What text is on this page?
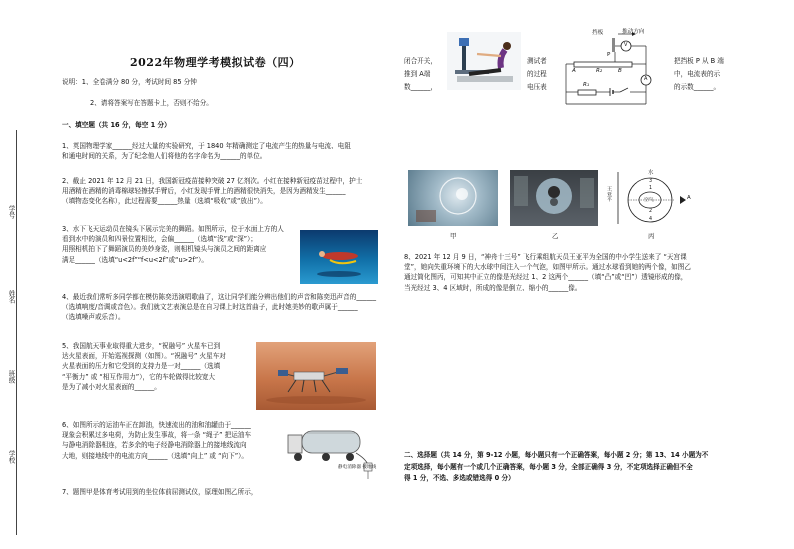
学号
姓名
班级
学校
2022年物理学考模拟试卷（四）
说明：1、全卷满分 80 分，考试时间 85 分钟
2、请将答案写在答题卡上，否则不给分。
一、填空题（共 16 分，每空 1 分）
1、英国物理学家______经过大量的实验研究，于 1840 年精确测定了电流产生的热量与电流、电阻
和通电时间的关系，为了纪念他人们将他的名字命名为______的单位。
2、截止 2021 年 12 月 21 日，我国新冠疫苗接种突破 27 亿剂次。小红在接种新冠疫苗过程中，护士
用酒精在酒精的消毒棉球轻擦拭手臂后，小红发现手臂上的酒精很快消失，是因为酒精发生______
（填物态变化名称），此过程需要______热量（选填“吸收”或“放出”）。
3、水下飞天运动员在镜头下展示完美的舞蹈。如图所示，位于水面上方的人
看到水中的演员和四景位置相比，会偏______（选填“浅”或“深”）；
用照相机拍下了舞蹈演员的美妙身姿，则相机镜头与演员之间的距离应
满足______（选填“u<2f”“f<u<2f”或“u>2f”）。
4、最近我们常听多同学都在模仿陈奕迅演唱歌曲了，这让同学们能分辨出他们的声音和陈奕迅声音的______
（选填响度/音调或音色）。我们就文艺表演总是在自习课上时这首曲子，此时她美妙的歌声属于______
（选填噪声或乐音）。
5、我国航天事业取得重大进步，“祝融号” 火星车已到
达火星表面，开始巡视探测（如图）。“祝融号” 火星车对
火星表面的压力和它受到的支持力是一对______（选填
“平衡力” 或 “相互作用力”），它的车轮做得比较宽大
是为了减小对火星表面的______。
6、如图所示的运油车正在卸油，快速流出的油和油罐由于______
现象会积累过多电荷，为防止发生事故，将一条 “绳子” 把运油车
与静电消除器相连，若多余的电子经静电消除器上的接地线流向
大地，则接地线中的电流方向______（选填“向上” 或 “向下”）。
静电消除器 接地线
7、题图甲是体育考试用到的坐位体前屈测试仪，原理如图乙所示，
闭合开关，
推到 A端
数______，
测试者
的过程
电压表
挡板	推动方向
P
A	B
R₂
R₁
V
A
把挡板 P 从 B 端
中，电流表的示
的示数______。
水
王亚平	空气
1
2
3
4
A
甲	乙	丙
8、2021 年 12 月 9 日，“神舟十三号” 飞行乘组航天员王亚平为全国的中小学生送来了 “天宫课
堂”，她向失重环境下的大水球中间注入一个气泡，如图甲所示。通过水球看到她的两个像，如图乙
通过简化图丙，可知其中正立的像是光经过 1、2 这两个______（填“凸”或“凹”）透镜形成的像，
当光经过 3、4 区域时，所成的像是倒立、缩小的______像。
二、选择题（共 14 分，第 9-12 小题，每小题只有一个正确答案，每小题 2 分；第 13、14 小题为不
定项选择，每小题有一个或几个正确答案，每小题 3 分，全部正确得 3 分，不定项选择正确但不全
得 1 分，不选、多选或错选得 0 分）
